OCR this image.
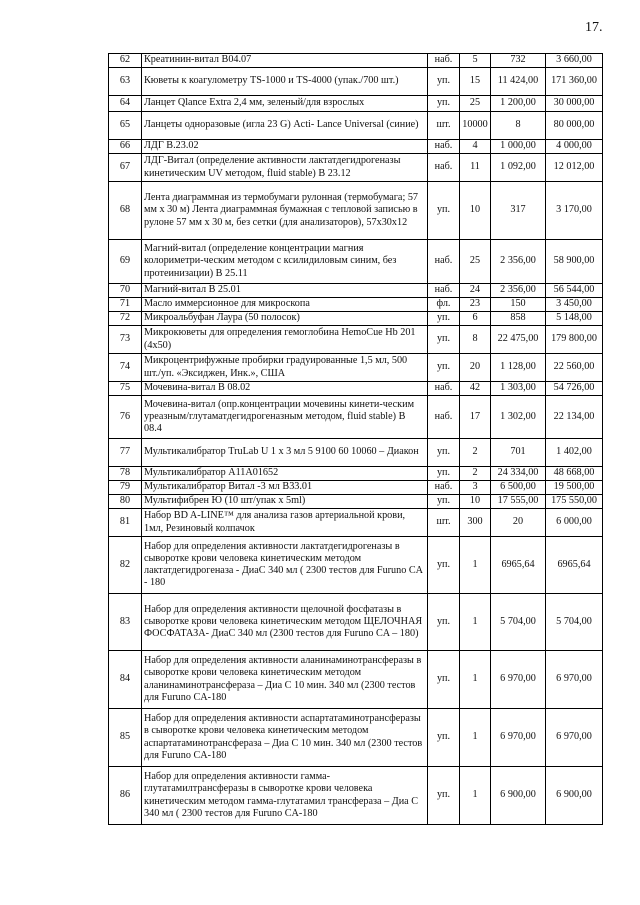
17.
62	Креатинин-витал В04.07	наб.	5	732	3 660,00
63	Кюветы к коагулометру TS-1000 и TS-4000 (упак./700 шт.)	уп.	15	11 424,00	171 360,00
64	Ланцет Qlance Extra 2,4 мм, зеленый/для взрослых	уп.	25	1 200,00	30 000,00
65	Ланцеты одноразовые (игла 23 G) Acti- Lance Universal (синие)	шт.	10000	8	80 000,00
66	ЛДГ В.23.02	наб.	4	1 000,00	4 000,00
67	ЛДГ-Витал (определение активности лактатдегидрогеназы кинетическим UV методом, fluid stable) В 23.12	наб.	11	1 092,00	12 012,00
68	Лента диаграммная из термобумаги рулонная (термобумага; 57 мм х 30 м) Лента диаграммная бумажная с тепловой записью в рулоне 57 мм х 30 м, без сетки (для анализаторов), 57х30х12	уп.	10	317	3 170,00
69	Магний-витал (определение концентрации магния колориметри-ческим методом с ксилидиловым синим, без протеинизации) В 25.11	наб.	25	2 356,00	58 900,00
70	Магний-витал В 25.01	наб.	24	2 356,00	56 544,00
71	Масло иммерсионное для микроскопа	фл.	23	150	3 450,00
72	Микроальбуфан Лаура (50 полосок)	уп.	6	858	5 148,00
73	Микрокюветы для определения гемоглобина HemoCue Hb 201 (4х50)	уп.	8	22 475,00	179 800,00
74	Микроцентрифужные пробирки градуированные 1,5 мл, 500 шт./уп. «Эксиджен, Инк.», США	уп.	20	1 128,00	22 560,00
75	Мочевина-витал В 08.02	наб.	42	1 303,00	54 726,00
76	Мочевина-витал (опр.концентрации мочевины кинети-ческим уреазным/глутаматдегидрогеназным методом, fluid stable) В 08.4	наб.	17	1 302,00	22 134,00
77	Мультикалибратор TruLab U 1 х 3 мл 5 9100 60 10060 – Диакон	уп.	2	701	1 402,00
78	Мультикалибратор А11А01652	уп.	2	24 334,00	48 668,00
79	Мультикалибратор Витал -3 мл В33.01	наб.	3	6 500,00	19 500,00
80	Мультифибрен Ю (10 шт/упак х 5ml)	уп.	10	17 555,00	175 550,00
81	Набор BD A-LINE™ для анализа газов артериальной крови, 1мл, Резиновый колпачок	шт.	300	20	6 000,00
82	Набор для определения активности лактатдегидрогеназы в сыворотке крови человека кинетическим методом лактатдегидрогеназа - ДиаС 340 мл ( 2300 тестов для Furuno CA - 180	уп.	1	6965,64	6965,64
83	Набор для определения активности щелочной фосфатазы в сыворотке крови человека кинетическим методом ЩЕЛОЧНАЯ ФОСФАТАЗА- ДиаС 340 мл (2300 тестов для Furuno CA – 180)	уп.	1	5 704,00	5 704,00
84	Набор для определения активности аланинаминотрансферазы в сыворотке крови человека кинетическим методом аланинаминотрансфераза – Диа С 10 мин. 340 мл (2300 тестов для Furuno CA-180	уп.	1	6 970,00	6 970,00
85	Набор для определения активности аспартатаминотрансферазы в сыворотке крови человека кинетическим методом аспартатаминотрансфераза – Диа С 10 мин. 340 мл (2300 тестов для Furuno CA-180	уп.	1	6 970,00	6 970,00
86	Набор для определения активности гамма- глутатамилтрансферазы в сыворотке крови человека кинетическим методом гамма-глутатамил трансфераза – Диа С 340 мл ( 2300 тестов для Furuno CA-180	уп.	1	6 900,00	6 900,00
